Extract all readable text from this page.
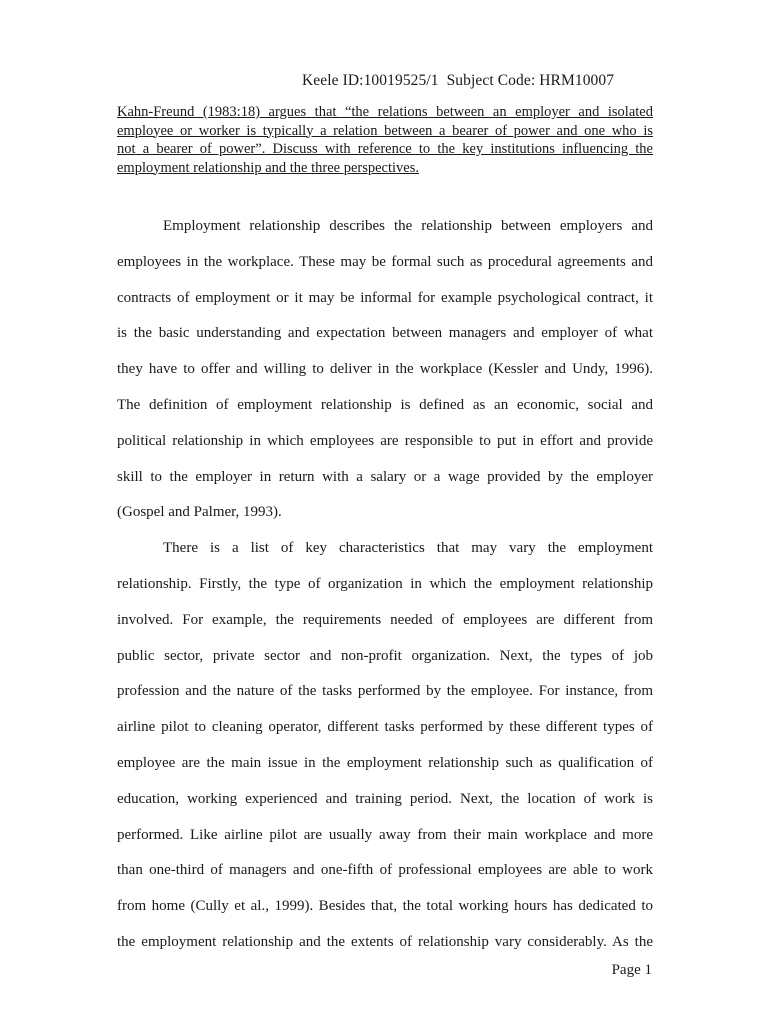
Keele ID:10019525/1  Subject Code: HRM10007
Kahn-Freund (1983:18) argues that “the relations between an employer and isolated
employee or worker is typically a relation between a bearer of power and one who is
not a bearer of power”. Discuss with reference to the key institutions influencing the
employment relationship and the three perspectives.
Employment relationship describes the relationship between employers and
employees in the workplace. These may be formal such as procedural agreements and
contracts of employment or it may be informal for example psychological contract, it
is the basic understanding and expectation between managers and employer of what
they have to offer and willing to deliver in the workplace (Kessler and Undy, 1996).
The definition of employment relationship is defined as an economic, social and
political relationship in which employees are responsible to put in effort and provide
skill to the employer in return with a salary or a wage provided by the employer
(Gospel and Palmer, 1993).
There is a list of key characteristics that may vary the employment
relationship. Firstly, the type of organization in which the employment relationship
involved. For example, the requirements needed of employees are different from
public sector, private sector and non-profit organization. Next, the types of job
profession and the nature of the tasks performed by the employee. For instance, from
airline pilot to cleaning operator, different tasks performed by these different types of
employee are the main issue in the employment relationship such as qualification of
education, working experienced and training period. Next, the location of work is
performed. Like airline pilot are usually away from their main workplace and more
than one-third of managers and one-fifth of professional employees are able to work
from home (Cully et al., 1999). Besides that, the total working hours has dedicated to
the employment relationship and the extents of relationship vary considerably. As the
Page 1
